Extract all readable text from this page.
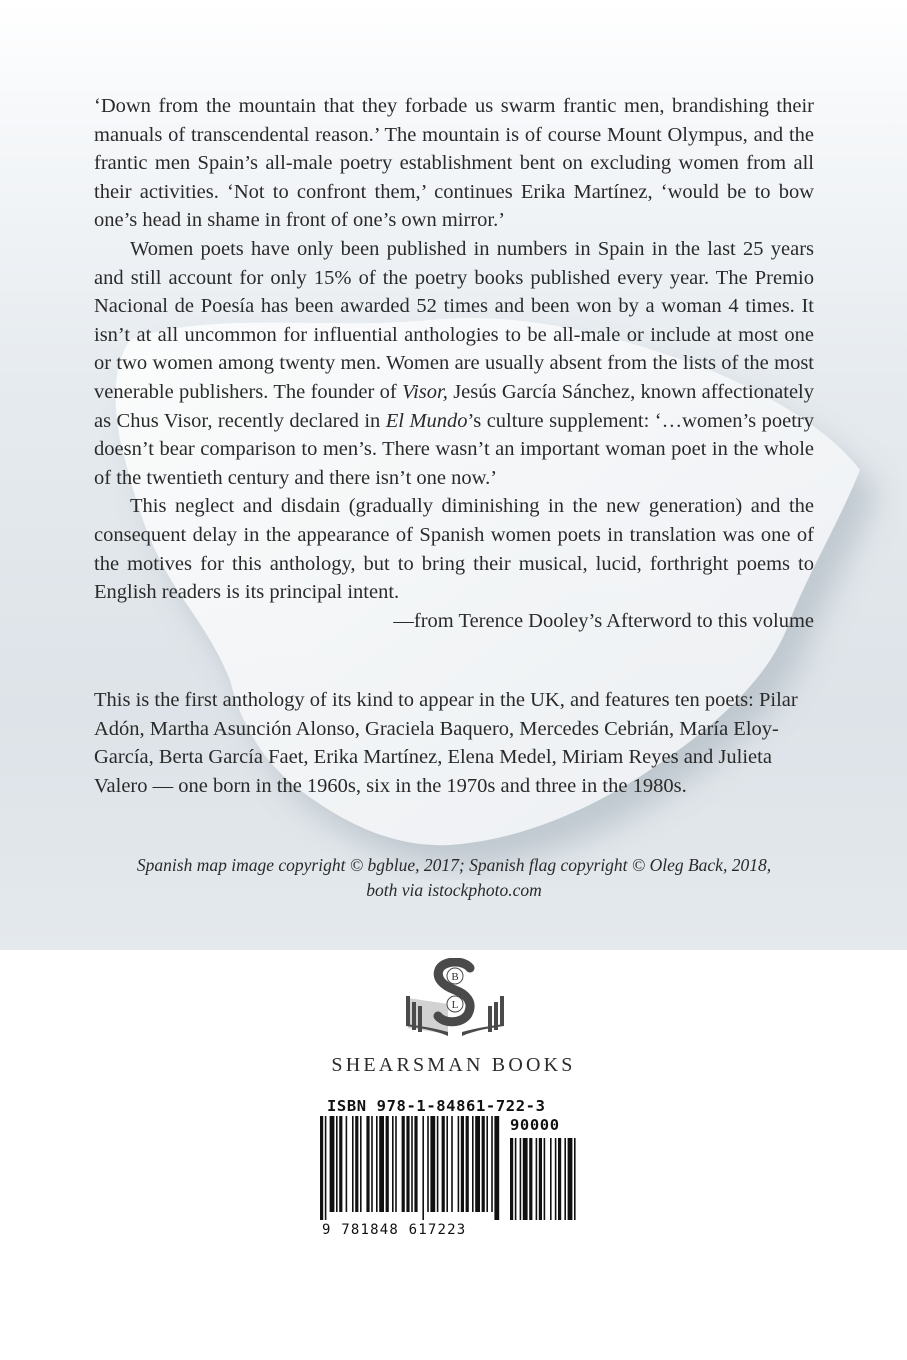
‘Down from the mountain that they forbade us swarm frantic men, brandishing their manuals of transcendental reason.’ The mountain is of course Mount Olympus, and the frantic men Spain’s all-male poetry establishment bent on excluding women from all their activities. ‘Not to confront them,’ continues Erika Martínez, ‘would be to bow one’s head in shame in front of one’s own mirror.’

Women poets have only been published in numbers in Spain in the last 25 years and still account for only 15% of the poetry books published every year. The Premio Nacional de Poesía has been awarded 52 times and been won by a woman 4 times. It isn’t at all uncommon for influential anthologies to be all-male or include at most one or two women among twenty men. Women are usually absent from the lists of the most venerable publishers. The founder of Visor, Jesús García Sánchez, known affectionately as Chus Visor, recently declared in El Mundo’s culture supplement: ‘…women’s poetry doesn’t bear comparison to men’s. There wasn’t an important woman poet in the whole of the twentieth century and there isn’t one now.’

This neglect and disdain (gradually diminishing in the new generation) and the consequent delay in the appearance of Spanish women poets in translation was one of the motives for this anthology, but to bring their musical, lucid, forthright poems to English readers is its principal intent.

—from Terence Dooley’s Afterword to this volume

This is the first anthology of its kind to appear in the UK, and features ten poets: Pilar Adón, Martha Asunción Alonso, Graciela Baquero, Mercedes Cebrián, María Eloy-García, Berta García Faet, Erika Martínez, Elena Medel, Miriam Reyes and Julieta Valero — one born in the 1960s, six in the 1970s and three in the 1980s.

Spanish map image copyright © bgblue, 2017; Spanish flag copyright © Oleg Back, 2018,
both via istockphoto.com
B
L
SHEARSMAN BOOKS
ISBN 978-1-84861-722-3
90000
9 781848 617223
